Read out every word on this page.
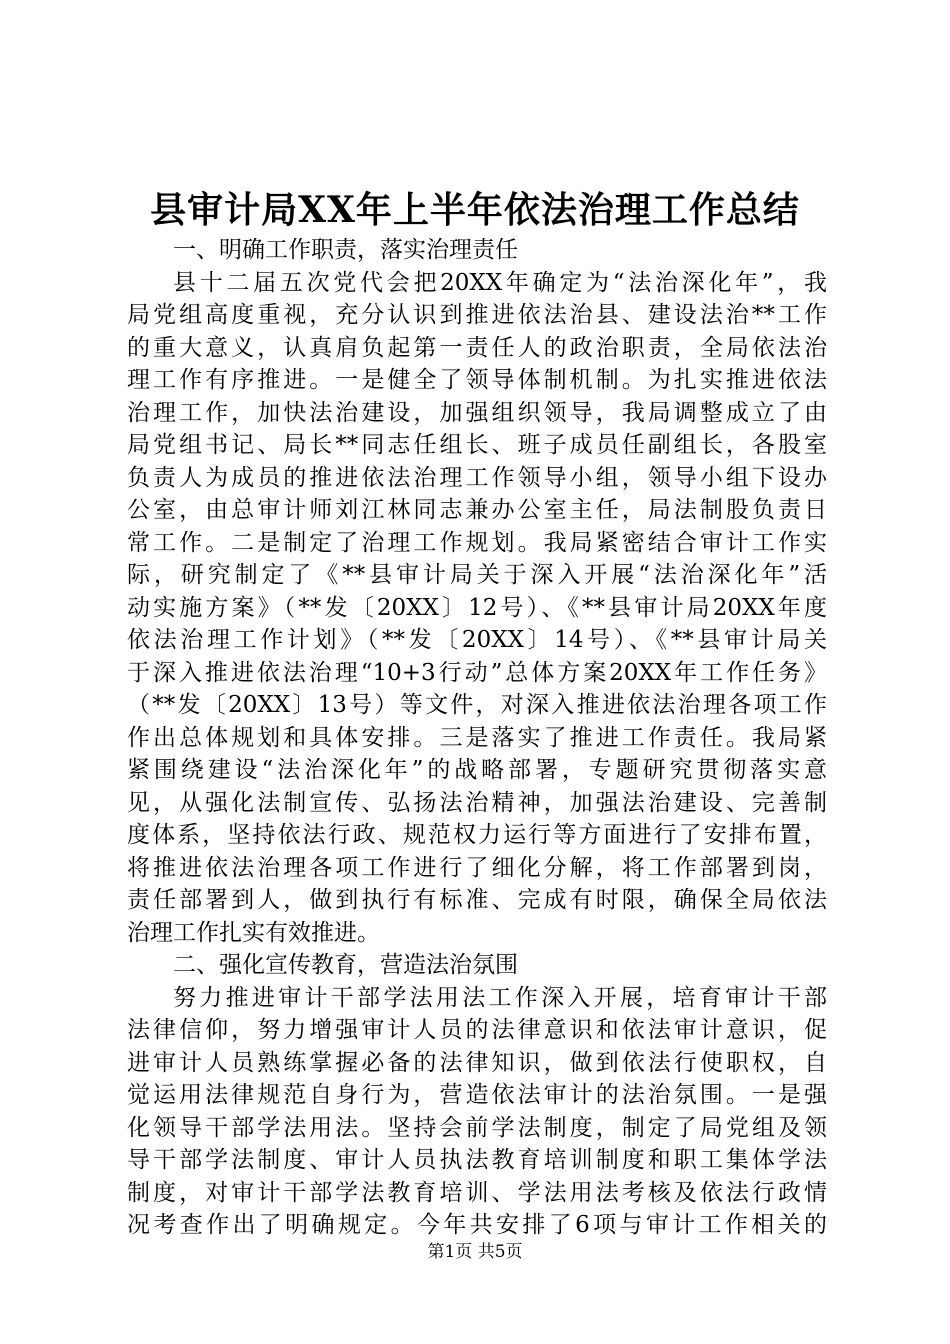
县审计局XX年上半年依法治理工作总结
一、明确工作职责，落实治理责任
县十二届五次党代会把20XX年确定为“法治深化年”，我
局党组高度重视，充分认识到推进依法治县、建设法治**工作
的重大意义，认真肩负起第一责任人的政治职责，全局依法治
理工作有序推进。一是健全了领导体制机制。为扎实推进依法
治理工作，加快法治建设，加强组织领导，我局调整成立了由
局党组书记、局长**同志任组长、班子成员任副组长，各股室
负责人为成员的推进依法治理工作领导小组，领导小组下设办
公室，由总审计师刘江林同志兼办公室主任，局法制股负责日
常工作。二是制定了治理工作规划。我局紧密结合审计工作实
际，研究制定了《**县审计局关于深入开展“法治深化年”活
动实施方案》（**发〔20XX〕12号）、《**县审计局20XX年度
依法治理工作计划》（**发〔20XX〕14号）、《**县审计局关
于深入推进依法治理“10+3行动”总体方案20XX年工作任务》
（**发〔20XX〕13号）等文件，对深入推进依法治理各项工作
作出总体规划和具体安排。三是落实了推进工作责任。我局紧
紧围绕建设“法治深化年”的战略部署，专题研究贯彻落实意
见，从强化法制宣传、弘扬法治精神，加强法治建设、完善制
度体系，坚持依法行政、规范权力运行等方面进行了安排布置，
将推进依法治理各项工作进行了细化分解，将工作部署到岗，
责任部署到人，做到执行有标准、完成有时限，确保全局依法
治理工作扎实有效推进。
二、强化宣传教育，营造法治氛围
努力推进审计干部学法用法工作深入开展，培育审计干部
法律信仰，努力增强审计人员的法律意识和依法审计意识，促
进审计人员熟练掌握必备的法律知识，做到依法行使职权，自
觉运用法律规范自身行为，营造依法审计的法治氛围。一是强
化领导干部学法用法。坚持会前学法制度，制定了局党组及领
导干部学法制度、审计人员执法教育培训制度和职工集体学法
制度，对审计干部学法教育培训、学法用法考核及依法行政情
况考查作出了明确规定。今年共安排了6项与审计工作相关的
第1页 共5页
